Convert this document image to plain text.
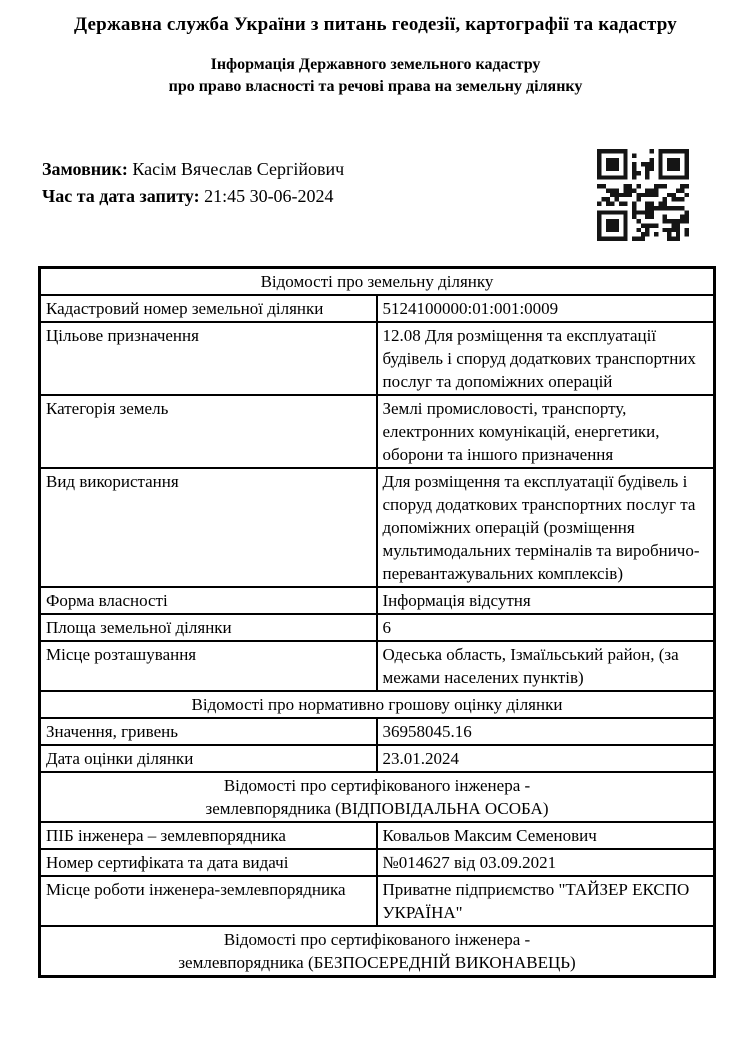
Державна служба України з питань геодезії, картографії та кадастру
Інформація Державного земельного кадастру
про право власності та речові права на земельну ділянку
Замовник: Касім Вячеслав Сергійович
Час та дата запиту: 21:45 30-06-2024
Відомості про земельну ділянку	
Кадастровий номер земельної ділянки	5124100000:01:001:0009
Цільове призначення	12.08 Для розміщення та експлуатації будівель і споруд додаткових транспортних послуг та допоміжних операцій
Категорія земель	Землі промисловості, транспорту, електронних комунікацій, енергетики, оборони та іншого призначення
Вид використання	Для розміщення та експлуатації будівель і споруд додаткових транспортних послуг та допоміжних операцій (розміщення мультимодальних терміналів та виробничо-перевантажувальних комплексів)
Форма власності	Інформація відсутня
Площа земельної ділянки	6
Місце розташування	Одеська область, Ізмаїльський район, (за межами населених пунктів)
Відомості про нормативно грошову оцінку ділянки	
Значення, гривень	36958045.16
Дата оцінки ділянки	23.01.2024
Відомості про сертифікованого інженера - землевпорядника (ВІДПОВІДАЛЬНА ОСОБА)	
ПІБ інженера – землевпорядника	Ковальов Максим Семенович
Номер сертифіката та дата видачі	№014627 від 03.09.2021
Місце роботи інженера-землевпорядника	Приватне підприємство "ТАЙЗЕР ЕКСПО УКРАЇНА"
Відомості про сертифікованого інженера - землевпорядника (БЕЗПОСЕРЕДНІЙ ВИКОНАВЕЦЬ)	
